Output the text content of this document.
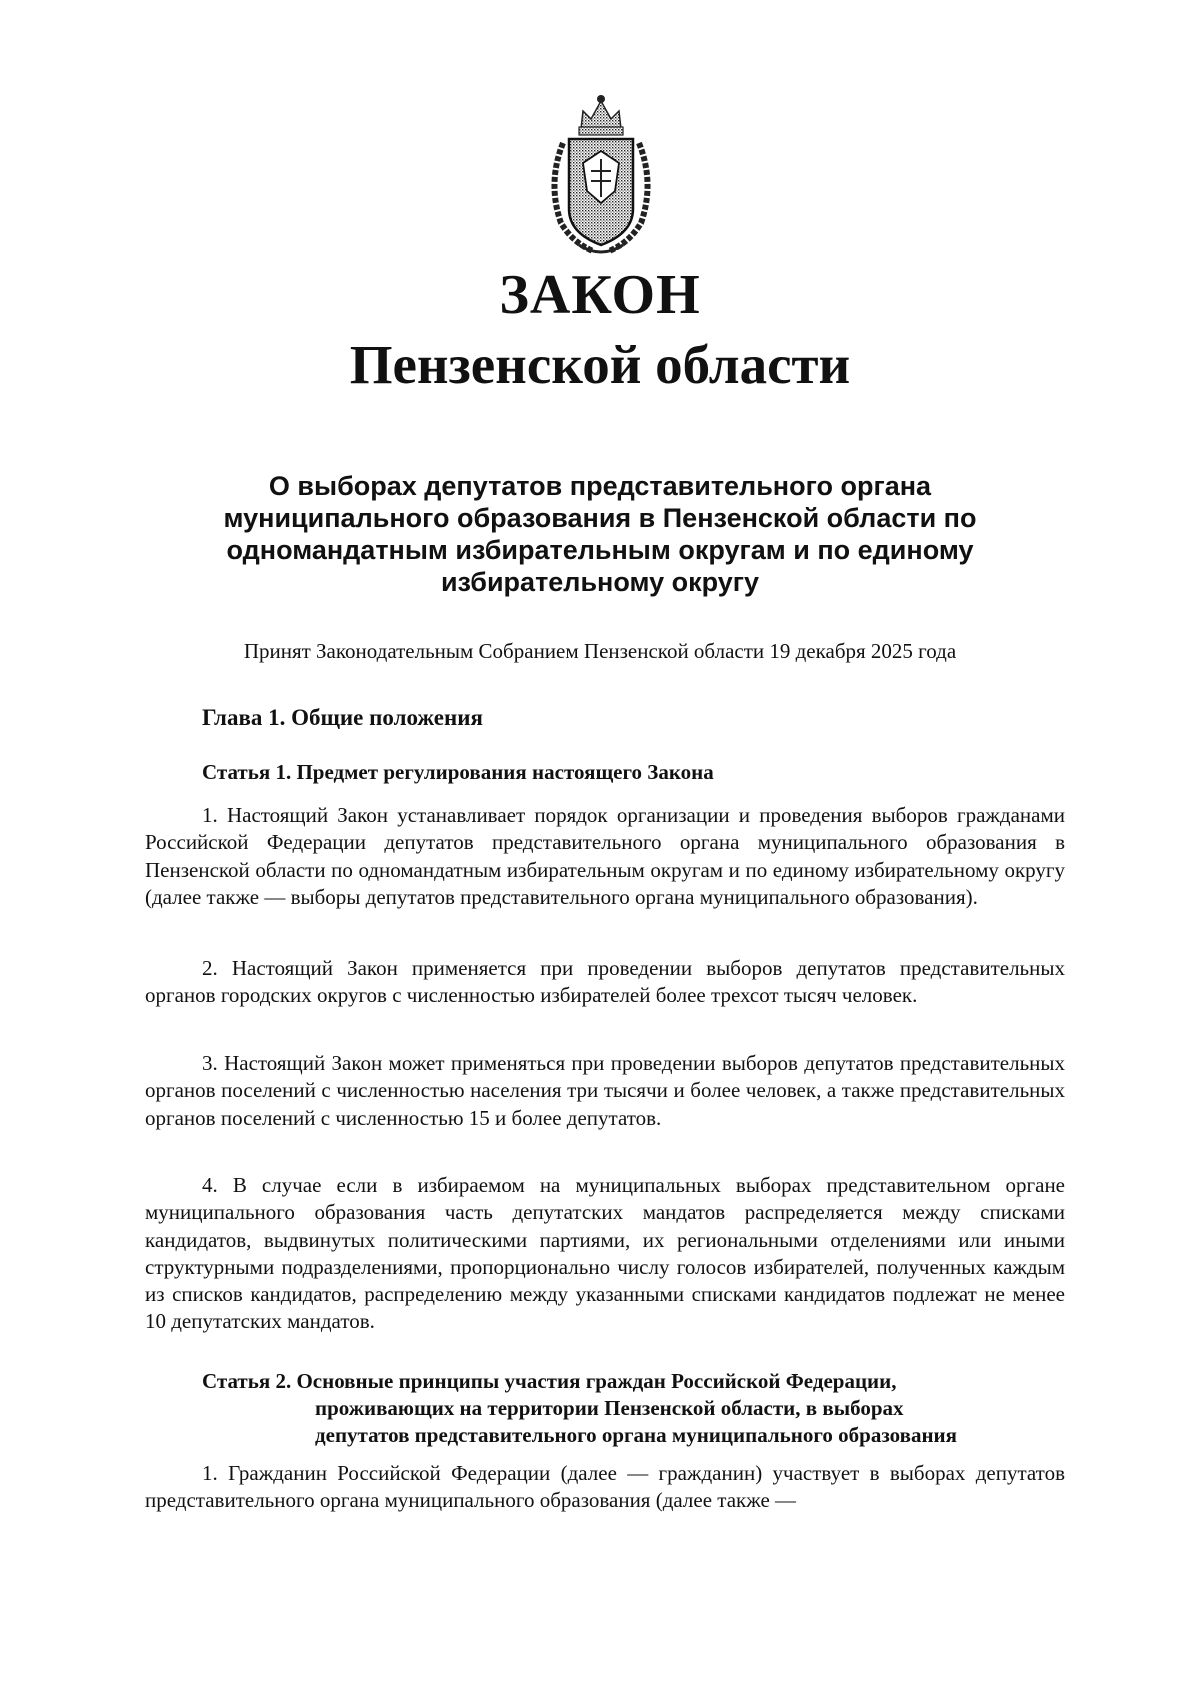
ЗАКОН
Пензенской области
О выборах депутатов представительного органа муниципального образования в Пензенской области по одномандатным избирательным округам и по единому избирательному округу
Принят Законодательным Собранием Пензенской области 19 декабря 2025 года
Глава 1. Общие положения
Статья 1. Предмет регулирования настоящего Закона

1. Настоящий Закон устанавливает порядок организации и проведения выборов гражданами Российской Федерации депутатов представительного органа муниципального образования в Пензенской области по одномандатным избирательным округам и по единому избирательному округу (далее также — выборы депутатов представительного органа муниципального образования).

2. Настоящий Закон применяется при проведении выборов депутатов представительных органов городских округов с численностью избирателей более трехсот тысяч человек.

3. Настоящий Закон может применяться при проведении выборов депутатов представительных органов поселений с численностью населения три тысячи и более человек, а также представительных органов поселений с численностью 15 и более депутатов.

4. В случае если в избираемом на муниципальных выборах представительном органе муниципального образования часть депутатских мандатов распределяется между списками кандидатов, выдвинутых политическими партиями, их региональными отделениями или иными структурными подразделениями, пропорционально числу голосов избирателей, полученных каждым из списков кандидатов, распределению между указанными списками кандидатов подлежат не менее 10 депутатских мандатов.

Статья 2. Основные принципы участия граждан Российской Федерации,
проживающих на территории Пензенской области, в выборах
депутатов представительного органа муниципального образования

1. Гражданин Российской Федерации (далее — гражданин) участвует в выборах депутатов представительного органа муниципального образования (далее также —
